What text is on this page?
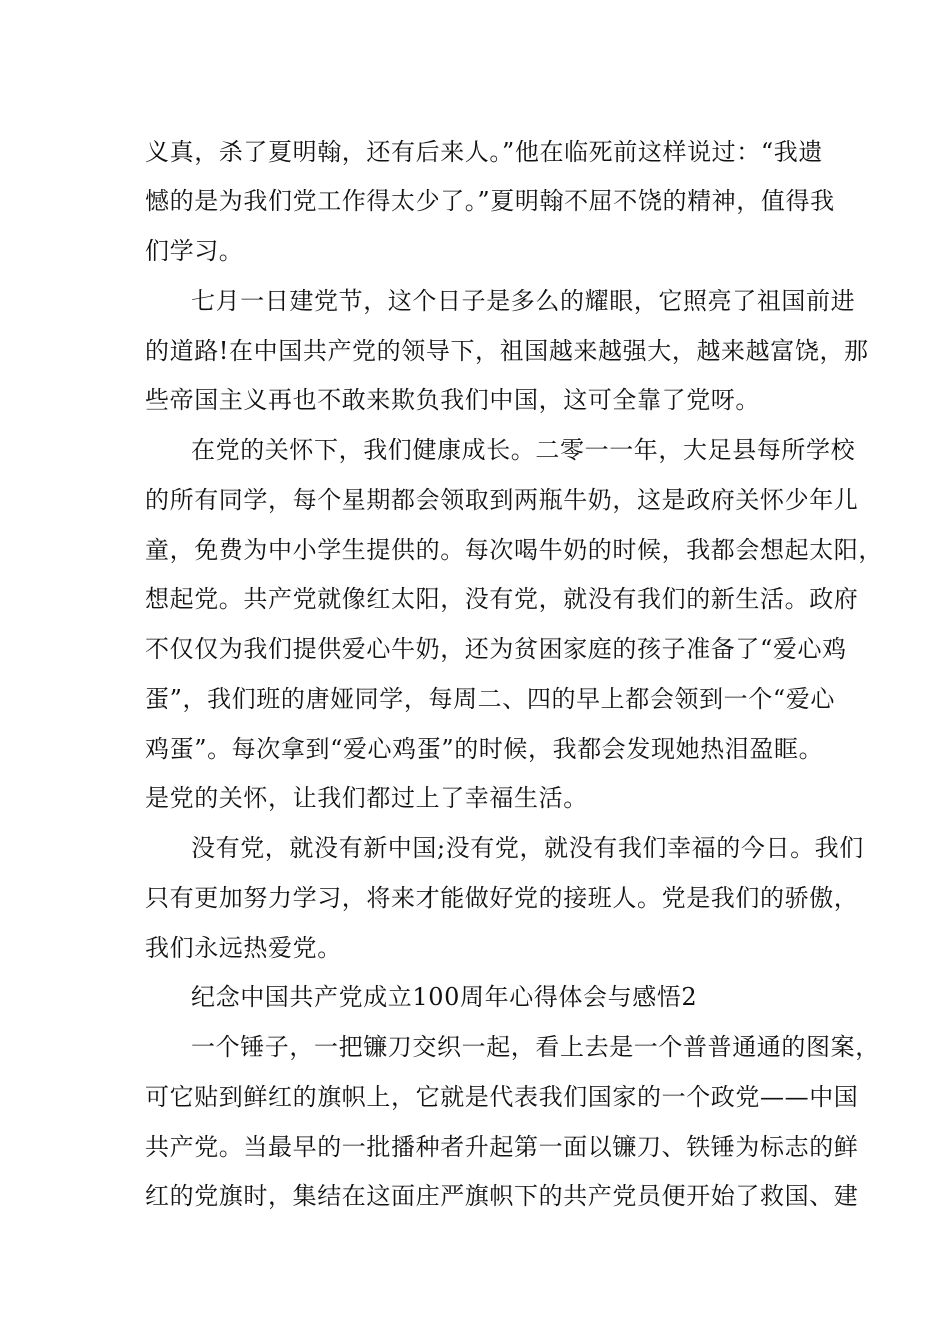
义真，杀了夏明翰，还有后来人。”他在临死前这样说过：“我遗
憾的是为我们党工作得太少了。”夏明翰不屈不饶的精神，值得我
们学习。
七月一日建党节，这个日子是多么的耀眼，它照亮了祖国前进
的道路!在中国共产党的领导下，祖国越来越强大，越来越富饶，那
些帝国主义再也不敢来欺负我们中国，这可全靠了党呀。
在党的关怀下，我们健康成长。二零一一年，大足县每所学校
的所有同学，每个星期都会领取到两瓶牛奶，这是政府关怀少年儿
童，免费为中小学生提供的。每次喝牛奶的时候，我都会想起太阳，
想起党。共产党就像红太阳，没有党，就没有我们的新生活。政府
不仅仅为我们提供爱心牛奶，还为贫困家庭的孩子准备了“爱心鸡
蛋”，我们班的唐娅同学，每周二、四的早上都会领到一个“爱心
鸡蛋”。每次拿到“爱心鸡蛋”的时候，我都会发现她热泪盈眶。
是党的关怀，让我们都过上了幸福生活。
没有党，就没有新中国;没有党，就没有我们幸福的今日。我们
只有更加努力学习，将来才能做好党的接班人。党是我们的骄傲，
我们永远热爱党。
纪念中国共产党成立100周年心得体会与感悟2
一个锤子，一把镰刀交织一起，看上去是一个普普通通的图案，
可它贴到鲜红的旗帜上，它就是代表我们国家的一个政党——中国
共产党。当最早的一批播种者升起第一面以镰刀、铁锤为标志的鲜
红的党旗时，集结在这面庄严旗帜下的共产党员便开始了救国、建
